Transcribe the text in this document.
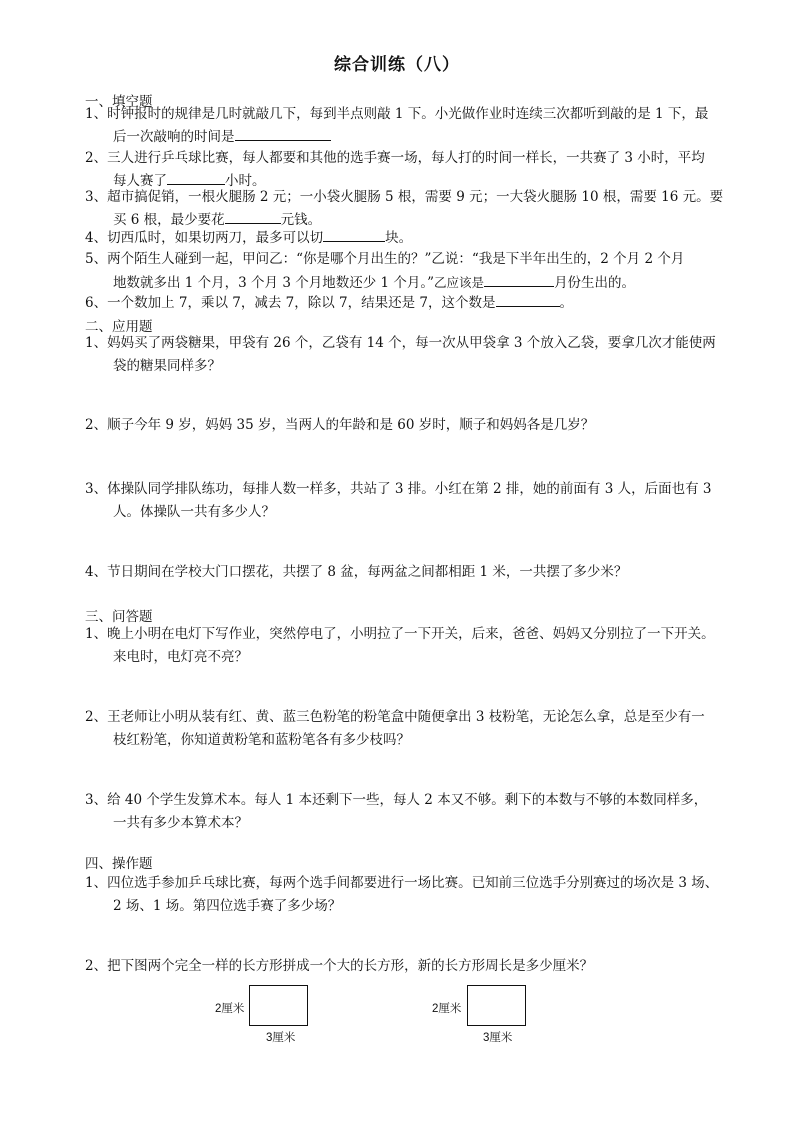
综合训练（八）
一、填空题
1、时钟报时的规律是几时就敲几下，每到半点则敲 1 下。小光做作业时连续三次都听到敲的是 1 下，最
后一次敲响的时间是
2、三人进行乒乓球比赛，每人都要和其他的选手赛一场，每人打的时间一样长，一共赛了 3 小时，平均
每人赛了	小时。
3、超市搞促销，一根火腿肠 2 元；一小袋火腿肠 5 根，需要 9 元；一大袋火腿肠 10 根，需要 16 元。要
买 6 根，最少要花	元钱。
4、切西瓜时，如果切两刀，最多可以切	块。
5、两个陌生人碰到一起，甲问乙：“你是哪个月出生的？”乙说：“我是下半年出生的，2 个月 2 个月
地数就多出 1 个月，3 个月 3 个月地数还少 1 个月。”乙应该是	月份生出的。
6、一个数加上 7，乘以 7，减去 7，除以 7，结果还是 7，这个数是	。
二、应用题
1、妈妈买了两袋糖果，甲袋有 26 个，乙袋有 14 个，每一次从甲袋拿 3 个放入乙袋，要拿几次才能使两
袋的糖果同样多？
2、顺子今年 9 岁，妈妈 35 岁，当两人的年龄和是 60 岁时，顺子和妈妈各是几岁？
3、体操队同学排队练功，每排人数一样多，共站了 3 排。小红在第 2 排，她的前面有 3 人，后面也有 3
人。体操队一共有多少人？
4、节日期间在学校大门口摆花，共摆了 8 盆，每两盆之间都相距 1 米，一共摆了多少米？
三、问答题
1、晚上小明在电灯下写作业，突然停电了，小明拉了一下开关，后来，爸爸、妈妈又分别拉了一下开关。
来电时，电灯亮不亮？
2、王老师让小明从装有红、黄、蓝三色粉笔的粉笔盒中随便拿出 3 枝粉笔，无论怎么拿，总是至少有一
枝红粉笔，你知道黄粉笔和蓝粉笔各有多少枝吗？
3、给 40 个学生发算术本。每人 1 本还剩下一些，每人 2 本又不够。剩下的本数与不够的本数同样多，
一共有多少本算术本？
四、操作题
1、四位选手参加乒乓球比赛，每两个选手间都要进行一场比赛。已知前三位选手分别赛过的场次是 3 场、
2 场、1 场。第四位选手赛了多少场？
2、把下图两个完全一样的长方形拼成一个大的长方形，新的长方形周长是多少厘米？
2厘米
3厘米
2厘米
3厘米
